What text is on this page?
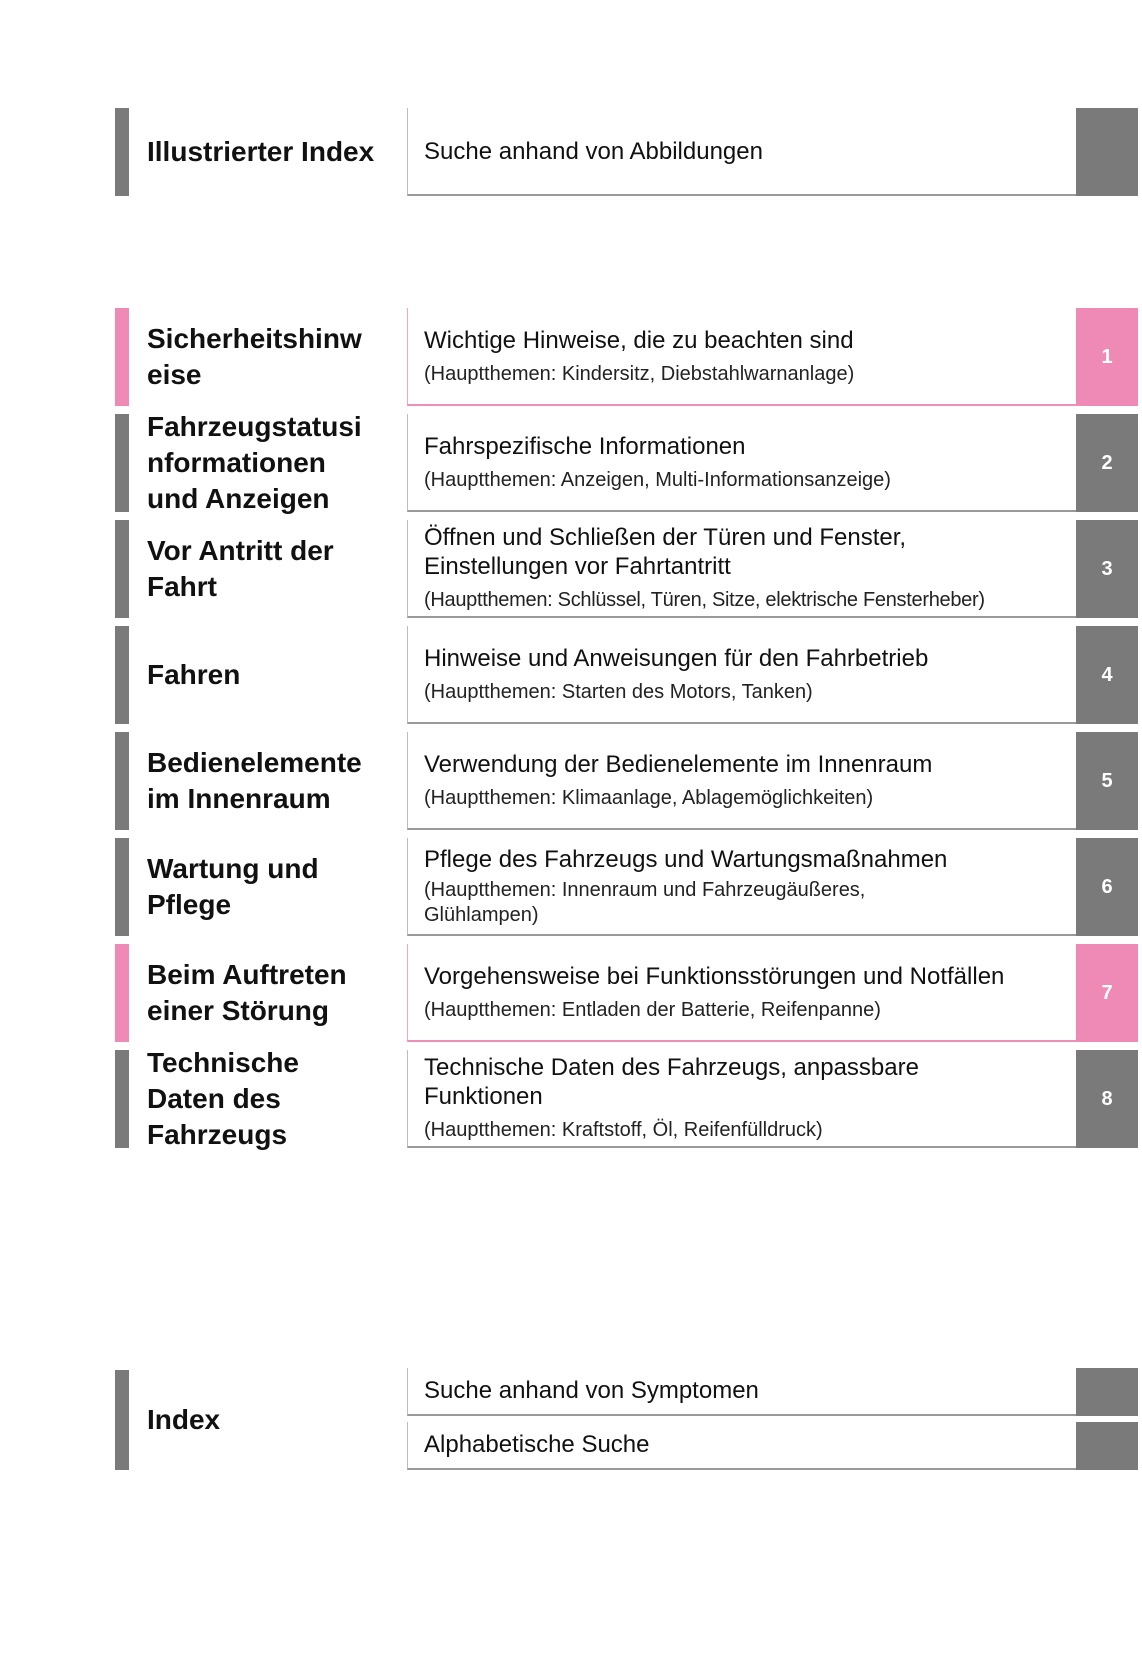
Illustrierter Index	Suche anhand von Abbildungen
Sicherheitshinw eise
Wichtige Hinweise, die zu beachten sind
(Hauptthemen: Kindersitz, Diebstahlwarnanlage)
1
Fahrzeugstatusi nformationen und Anzeigen
Fahrspezifische Informationen
(Hauptthemen: Anzeigen, Multi-Informationsanzeige)
2
Vor Antritt der Fahrt
Öffnen und Schließen der Türen und Fenster, Einstellungen vor Fahrtantritt
(Hauptthemen: Schlüssel, Türen, Sitze, elektrische Fensterheber)
3
Fahren
Hinweise und Anweisungen für den Fahrbetrieb
(Hauptthemen: Starten des Motors, Tanken)
4
Bedienelemente im Innenraum
Verwendung der Bedienelemente im Innenraum
(Hauptthemen: Klimaanlage, Ablagemöglichkeiten)
5
Wartung und Pflege
Pflege des Fahrzeugs und Wartungsmaßnahmen
(Hauptthemen: Innenraum und Fahrzeugäußeres, Glühlampen)
6
Beim Auftreten einer Störung
Vorgehensweise bei Funktionsstörungen und Notfällen
(Hauptthemen: Entladen der Batterie, Reifenpanne)
7
Technische Daten des Fahrzeugs
Technische Daten des Fahrzeugs, anpassbare Funktionen
(Hauptthemen: Kraftstoff, Öl, Reifenfülldruck)
8
Index
Suche anhand von Symptomen
Alphabetische Suche
